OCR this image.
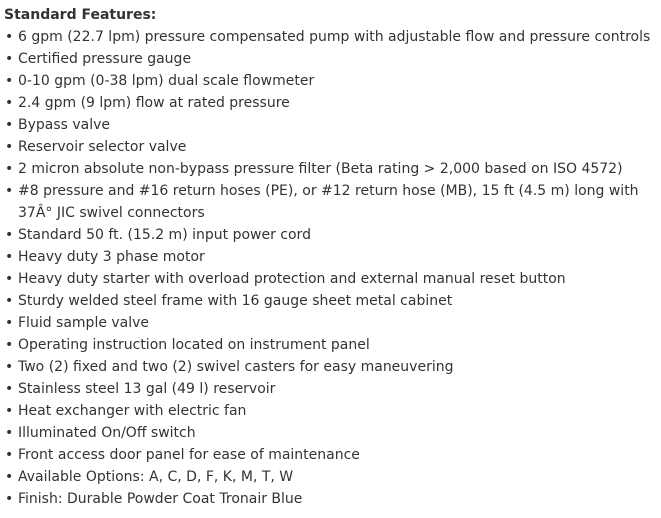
Standard Features:

• 6 gpm (22.7 lpm) pressure compensated pump with adjustable flow and pressure controls
• Certified pressure gauge
• 0-10 gpm (0-38 lpm) dual scale flowmeter
• 2.4 gpm (9 lpm) flow at rated pressure
• Bypass valve
• Reservoir selector valve
• 2 micron absolute non-bypass pressure filter (Beta rating > 2,000 based on ISO 4572)
• #8 pressure and #16 return hoses (PE), or #12 return hose (MB), 15 ft (4.5 m) long with 37Â° JIC swivel connectors
• Standard 50 ft. (15.2 m) input power cord
• Heavy duty 3 phase motor
• Heavy duty starter with overload protection and external manual reset button
• Sturdy welded steel frame with 16 gauge sheet metal cabinet
• Fluid sample valve
• Operating instruction located on instrument panel
• Two (2) fixed and two (2) swivel casters for easy maneuvering
• Stainless steel 13 gal (49 l) reservoir
• Heat exchanger with electric fan
• Illuminated On/Off switch
• Front access door panel for ease of maintenance
• Available Options: A, C, D, F, K, M, T, W
• Finish: Durable Powder Coat Tronair Blue
